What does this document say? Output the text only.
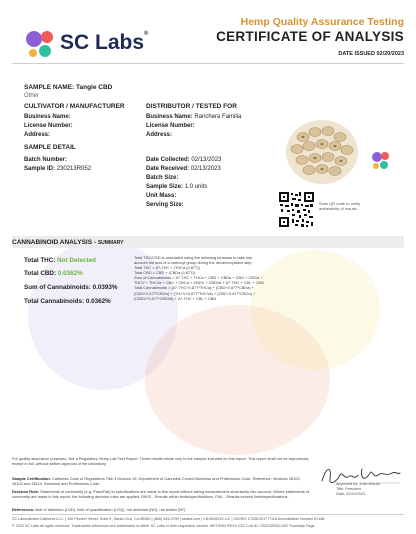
SC Labs®
Hemp Quality Assurance Testing
CERTIFICATE OF ANALYSIS
DATE ISSUED 02/20/2023
SAMPLE NAME: Tangie CBD
Other
CULTIVATOR / MANUFACTURER
Business Name:
License Number:
Address:
DISTRIBUTOR / TESTED FOR
Business Name: Ranchera Familia
License Number:
Address:
SAMPLE DETAIL
Batch Number:
Sample ID: 230213R052
Date Collected: 02/13/2023
Date Received: 02/13/2023
Batch Size:
Sample Size: 1.0 units
Unit Mass:
Serving Size:	Scan QR code to verify authenticity of results.
CANNABINOID ANALYSIS - SUMMARY
Total THC: Not Detected
Total CBD: 0.0362%
Sum of Cannabinoids: 0.0393%
Total Cannabinoids: 0.0362%
Total THC/CBD is calculated using the following formulas to take into
account the loss of a carboxyl group during the decarboxylation step:
Total THC = Δ⁹-THC + (THCa (0.877))
Total CBD = CBD + (CBDa (0.877))
Sum of Cannabinoids = Δ⁹-THC + THCa + CBD + CBDa + CBG + CBGa +
THCV + THCVa + CBC + CBCa + CBDV + CBDVa + Δ⁸-THC + CBL + CBN
Total Cannabinoids = (Δ⁹-THC+0.877*THCa) + (CBD+0.877*CBDa) +
(CBG+0.877*CBGa) + (THCV+0.877*THCVa) + (CBC+0.877*CBCa) +
(CBDV+0.877*CBDVa) + Δ⁸-THC + CBL + CBN
For quality assurance purposes. Not a Regulatory Hemp Lab Test Report. These results relate only to the sample included on this report. This report shall not be reproduced, except in full, without written approval of the laboratory.
Sample Certification: California Code of Regulations Title 4 Division 19. Department of Cannabis Control Business and Professions Code. Reference: Sections 26100, 26104 and 26110, Business and Professions Code.
Decision Rule: Statements of conformity (e.g. Pass/Fail) to specifications are made in this report without taking measurement uncertainty into account. Where statements of conformity are made in this report, the following decision rules are applied: PASS - Results within limits/specifications, FAIL - Results exceed limits/specifications.
References: limit of detection (LOD), limit of quantification (LOQ), not detected (ND), not tested (NT)
Approved by: Josh Wurzer
Title: President
Date: 02/20/2023
SC Laboratories California LLC. | 100 Pioneer Street, Suite E, Santa Cruz, CA 95060 | (866) 435-0709 | sclabs.com | C8-0000013-LIC | ISO/IES 17025:2017 PJLA Accreditation Number 87168
© 2022 SC Labs all rights reserved. Trademarks referenced are trademarks of either SC Labs or their respective owners. MKT0002 REV9 2/22 CoA ID: 230213R052-002 Summary Page
